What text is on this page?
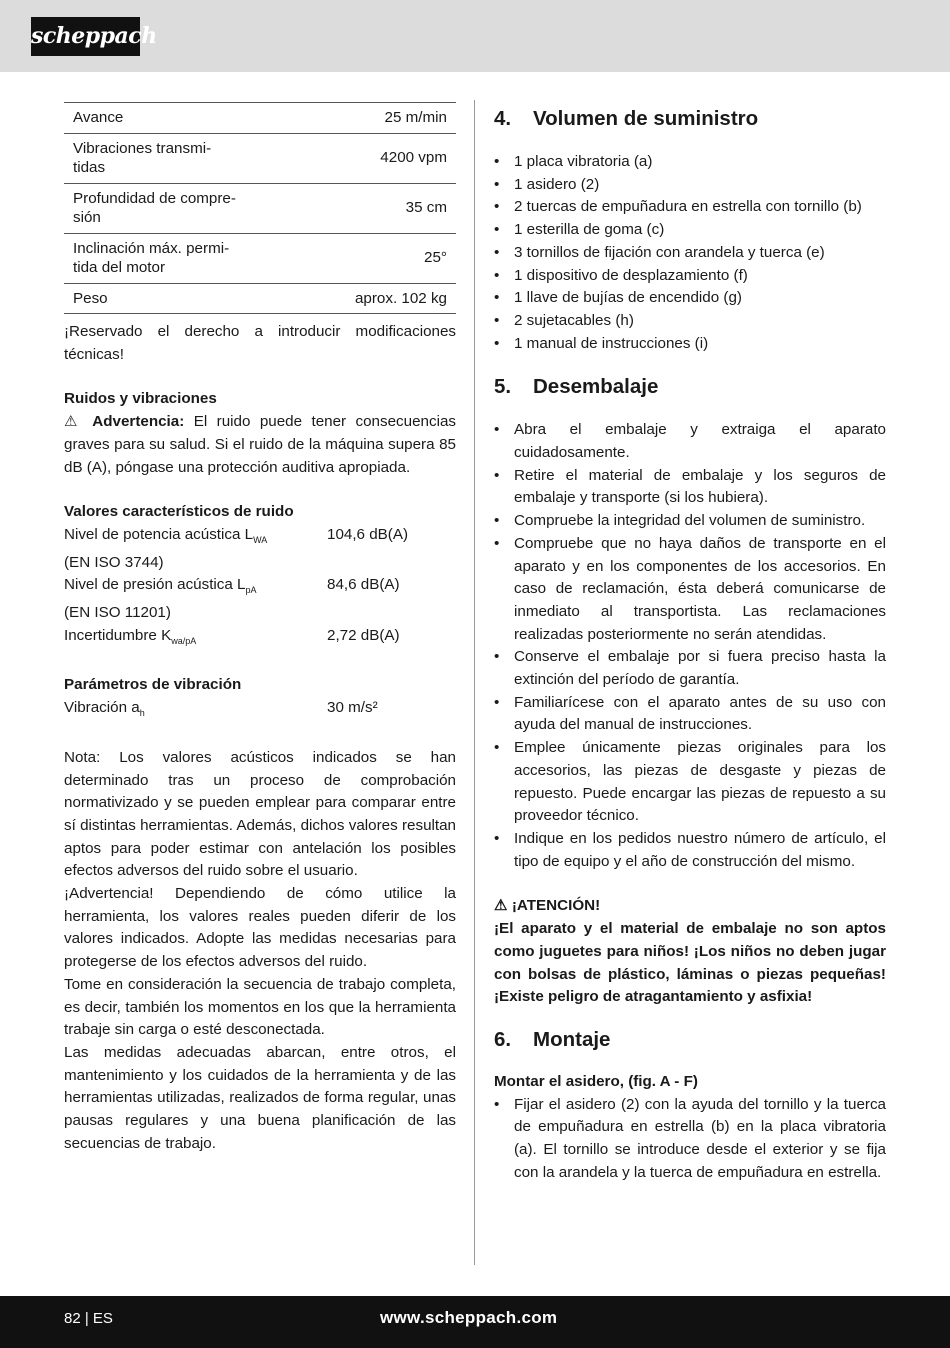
scheppach
Avance	25 m/min
Vibraciones transmi-
tidas	4200 vpm
Profundidad de compre-
sión	35 cm
Inclinación máx. permi-
tida del motor	25°
Peso	aprox. 102 kg

¡Reservado el derecho a introducir modificaciones técnicas!

Ruidos y vibraciones

⚠ Advertencia: El ruido puede tener consecuencias graves para su salud. Si el ruido de la máquina supera 85 dB (A), póngase una protección auditiva apropiada.

Valores característicos de ruido

Nivel de potencia acústica $L_{WA}$	104,6 dB(A)

(EN ISO 3744)

Nivel de presión acústica $L_{pA}$	84,6 dB(A)

(EN ISO 11201)

Incertidumbre $K_{wa/pA}$	2,72 dB(A)

Parámetros de vibración

Vibración $a_h$	30 m/s²

Nota: Los valores acústicos indicados se han determinado tras un proceso de comprobación normativizado y se pueden emplear para comparar entre sí distintas herramientas. Además, dichos valores resultan aptos para poder estimar con antelación los posibles efectos adversos del ruido sobre el usuario.

¡Advertencia! Dependiendo de cómo utilice la herramienta, los valores reales pueden diferir de los valores indicados. Adopte las medidas necesarias para protegerse de los efectos adversos del ruido.

Tome en consideración la secuencia de trabajo completa, es decir, también los momentos en los que la herramienta trabaje sin carga o esté desconectada.

Las medidas adecuadas abarcan, entre otros, el mantenimiento y los cuidados de la herramienta y de las herramientas utilizadas, realizados de forma regular, unas pausas regulares y una buena planificación de las secuencias de trabajo.

4.	Volumen de suministro
• 1 placa vibratoria (a)
• 1 asidero (2)
• 2 tuercas de empuñadura en estrella con tornillo (b)
• 1 esterilla de goma (c)
• 3 tornillos de fijación con arandela y tuerca (e)
• 1 dispositivo de desplazamiento (f)
• 1 llave de bujías de encendido (g)
• 2 sujetacables (h)
• 1 manual de instrucciones (i)
5.	Desembalaje
• Abra el embalaje y extraiga el aparato cuidadosamente.
• Retire el material de embalaje y los seguros de embalaje y transporte (si los hubiera).
• Compruebe la integridad del volumen de suministro.
• Compruebe que no haya daños de transporte en el aparato y en los componentes de los accesorios. En caso de reclamación, ésta deberá comunicarse de inmediato al transportista. Las reclamaciones realizadas posteriormente no serán atendidas.
• Conserve el embalaje por si fuera preciso hasta la extinción del período de garantía.
• Familiarícese con el aparato antes de su uso con ayuda del manual de instrucciones.
• Emplee únicamente piezas originales para los accesorios, las piezas de desgaste y piezas de repuesto. Puede encargar las piezas de repuesto a su proveedor técnico.
• Indique en los pedidos nuestro número de artículo, el tipo de equipo y el año de construcción del mismo.

⚠ ¡ATENCIÓN!

¡El aparato y el material de embalaje no son aptos como juguetes para niños! ¡Los niños no deben jugar con bolsas de plástico, láminas o piezas pequeñas! ¡Existe peligro de atragantamiento y asfixia!

6.	Montaje

Montar el asidero, (fig. A - F)

• Fijar el asidero (2) con la ayuda del tornillo y la tuerca de empuñadura en estrella (b) en la placa vibratoria (a). El tornillo se introduce desde el exterior y se fija con la arandela y la tuerca de empuñadura en estrella.
82 | ES	www.scheppach.com
